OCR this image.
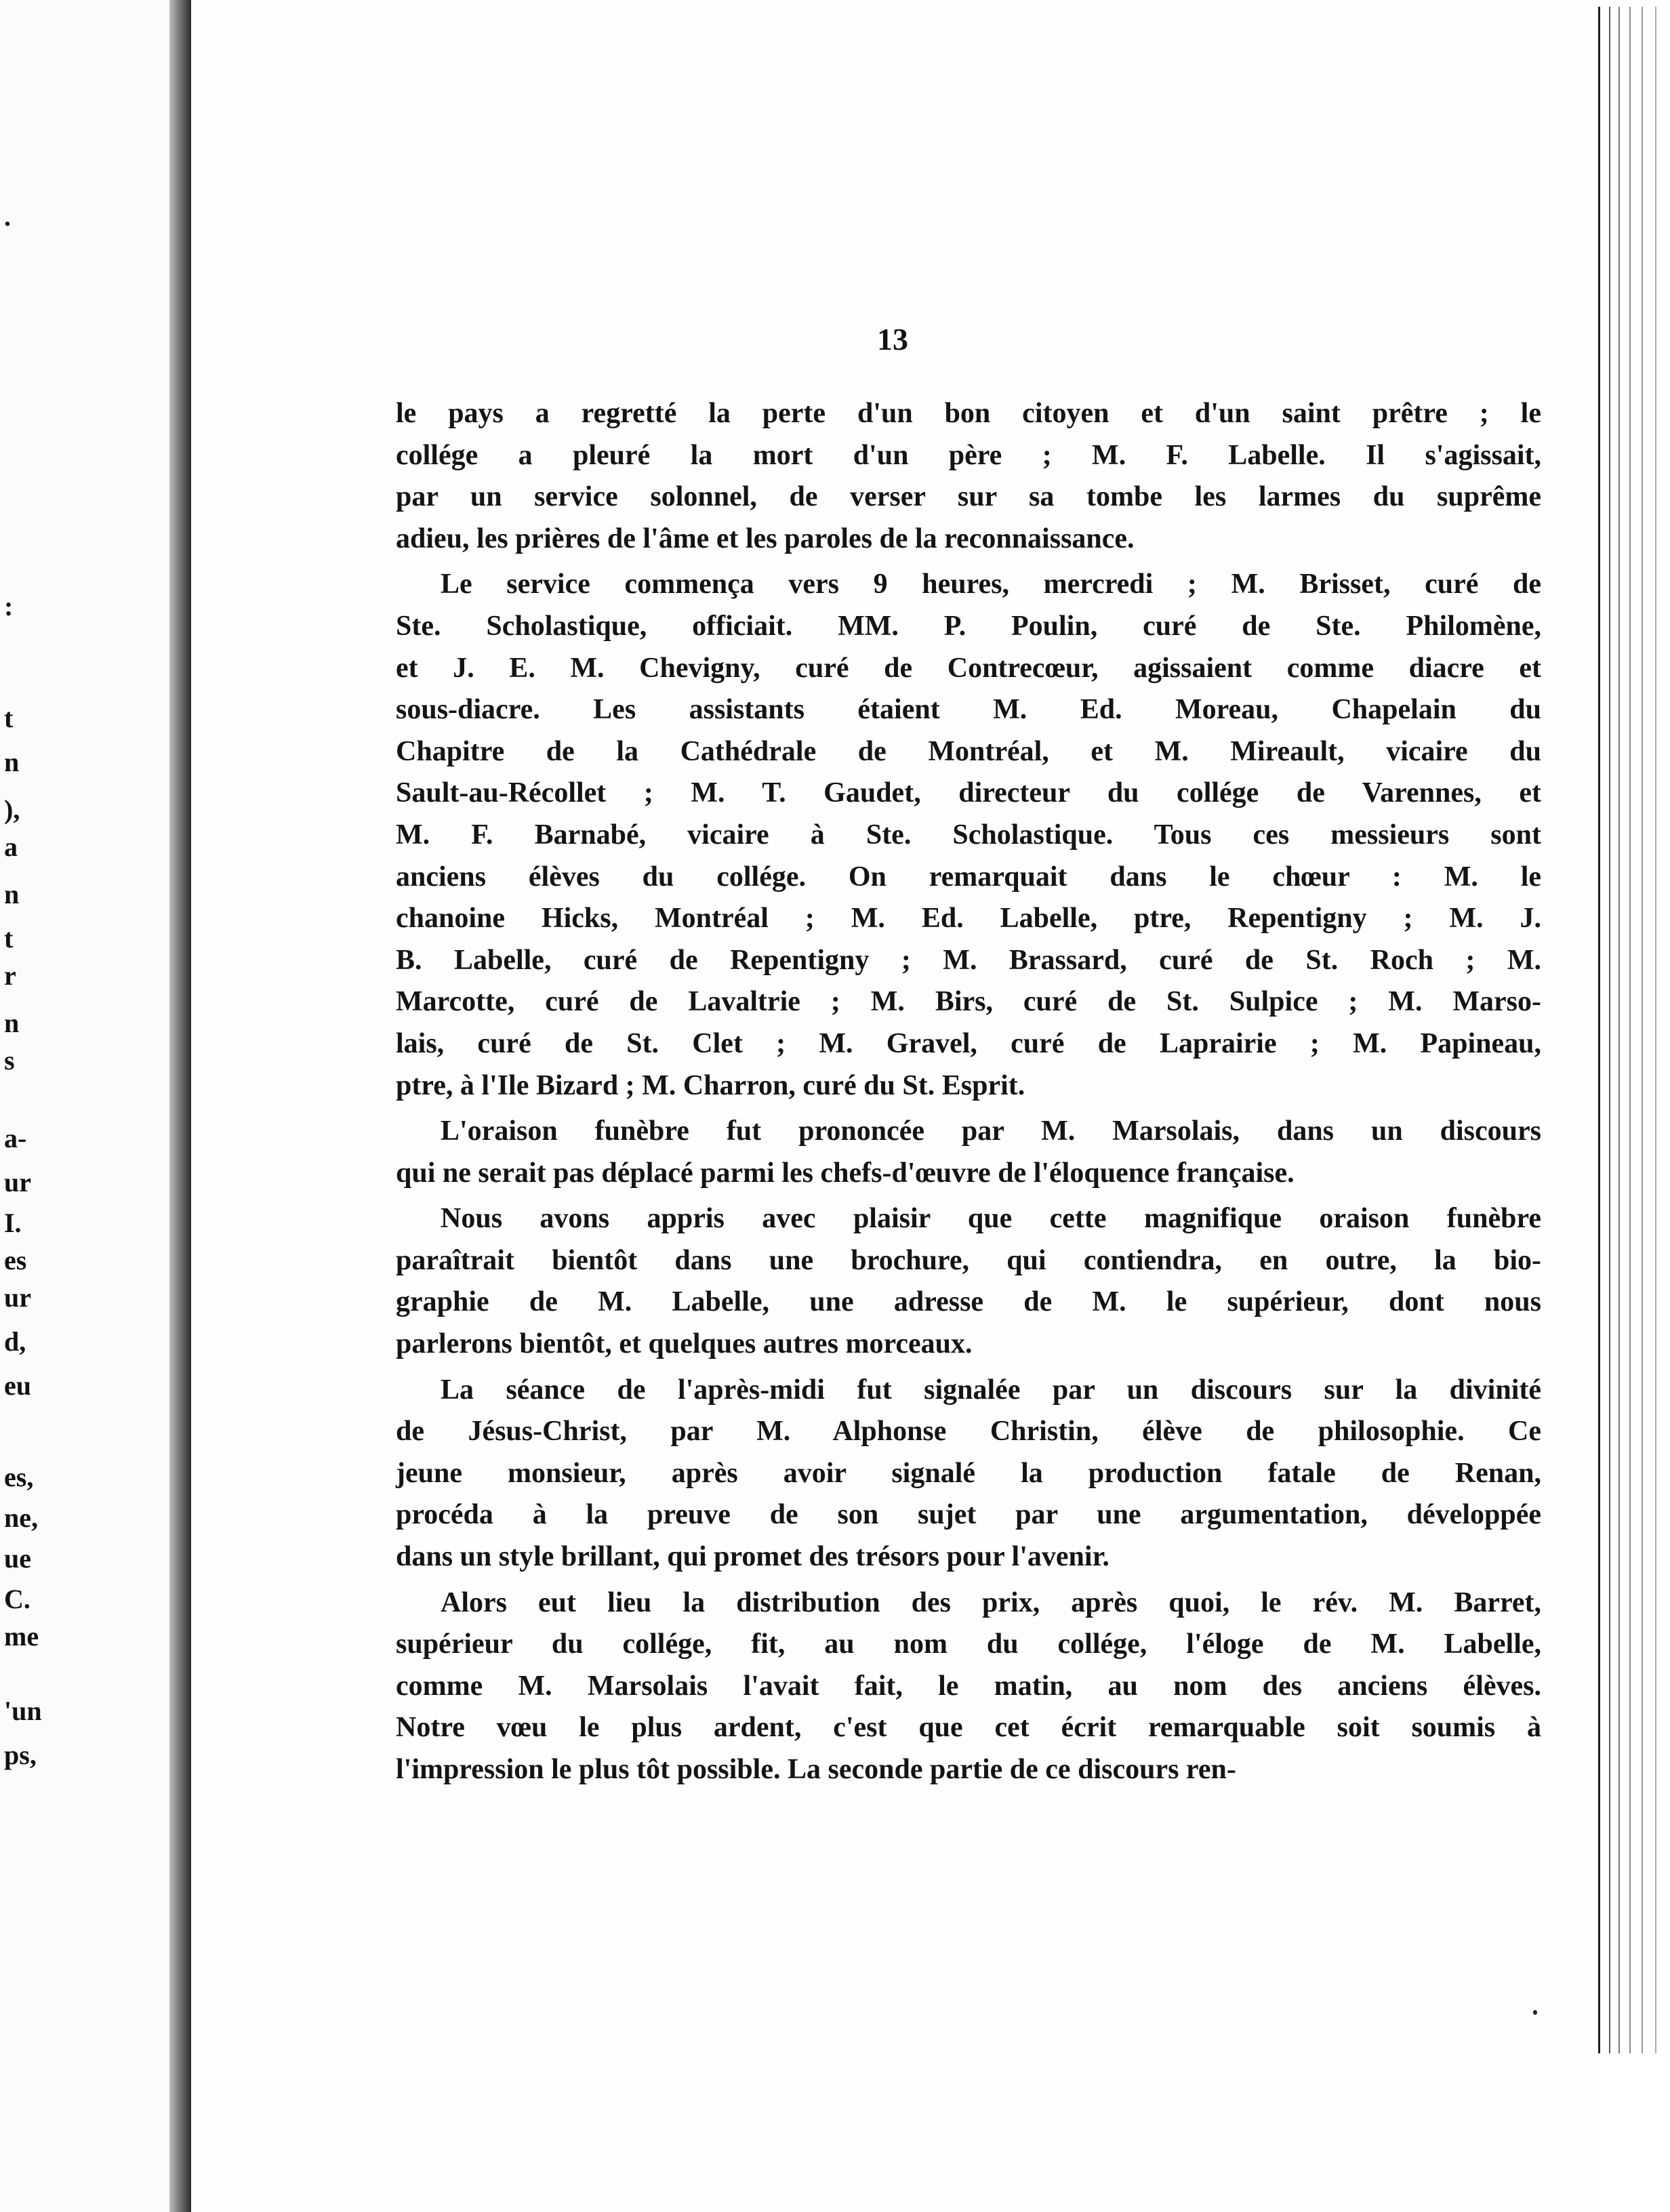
.
:
t
n
),
a
n
t
r
n
s
a-
ur
I.
es
ur
d,
eu
es,
ne,
ue
C.
me
'un
ps,
13
le pays a regretté la perte d'un bon citoyen et d'un saint prêtre ; le
collége a pleuré la mort d'un père ; M. F. Labelle. Il s'agissait,
par un service solonnel, de verser sur sa tombe les larmes du suprême
adieu, les prières de l'âme et les paroles de la reconnaissance.
Le service commença vers 9 heures, mercredi ; M. Brisset, curé de
Ste. Scholastique, officiait. MM. P. Poulin, curé de Ste. Philomène,
et J. E. M. Chevigny, curé de Contrecœur, agissaient comme diacre et
sous-diacre. Les assistants étaient M. Ed. Moreau, Chapelain du
Chapitre de la Cathédrale de Montréal, et M. Mireault, vicaire du
Sault-au-Récollet ; M. T. Gaudet, directeur du collége de Varennes, et
M. F. Barnabé, vicaire à Ste. Scholastique. Tous ces messieurs sont
anciens élèves du collége. On remarquait dans le chœur : M. le
chanoine Hicks, Montréal ; M. Ed. Labelle, ptre, Repentigny ; M. J.
B. Labelle, curé de Repentigny ; M. Brassard, curé de St. Roch ; M.
Marcotte, curé de Lavaltrie ; M. Birs, curé de St. Sulpice ; M. Marso-
lais, curé de St. Clet ; M. Gravel, curé de Laprairie ; M. Papineau,
ptre, à l'Ile Bizard ; M. Charron, curé du St. Esprit.
L'oraison funèbre fut prononcée par M. Marsolais, dans un discours
qui ne serait pas déplacé parmi les chefs-d'œuvre de l'éloquence française.
Nous avons appris avec plaisir que cette magnifique oraison funèbre
paraîtrait bientôt dans une brochure, qui contiendra, en outre, la bio-
graphie de M. Labelle, une adresse de M. le supérieur, dont nous
parlerons bientôt, et quelques autres morceaux.
La séance de l'après-midi fut signalée par un discours sur la divinité
de Jésus-Christ, par M. Alphonse Christin, élève de philosophie. Ce
jeune monsieur, après avoir signalé la production fatale de Renan,
procéda à la preuve de son sujet par une argumentation, développée
dans un style brillant, qui promet des trésors pour l'avenir.
Alors eut lieu la distribution des prix, après quoi, le rév. M. Barret,
supérieur du collége, fit, au nom du collége, l'éloge de M. Labelle,
comme M. Marsolais l'avait fait, le matin, au nom des anciens élèves.
Notre vœu le plus ardent, c'est que cet écrit remarquable soit soumis à
l'impression le plus tôt possible. La seconde partie de ce discours ren-
